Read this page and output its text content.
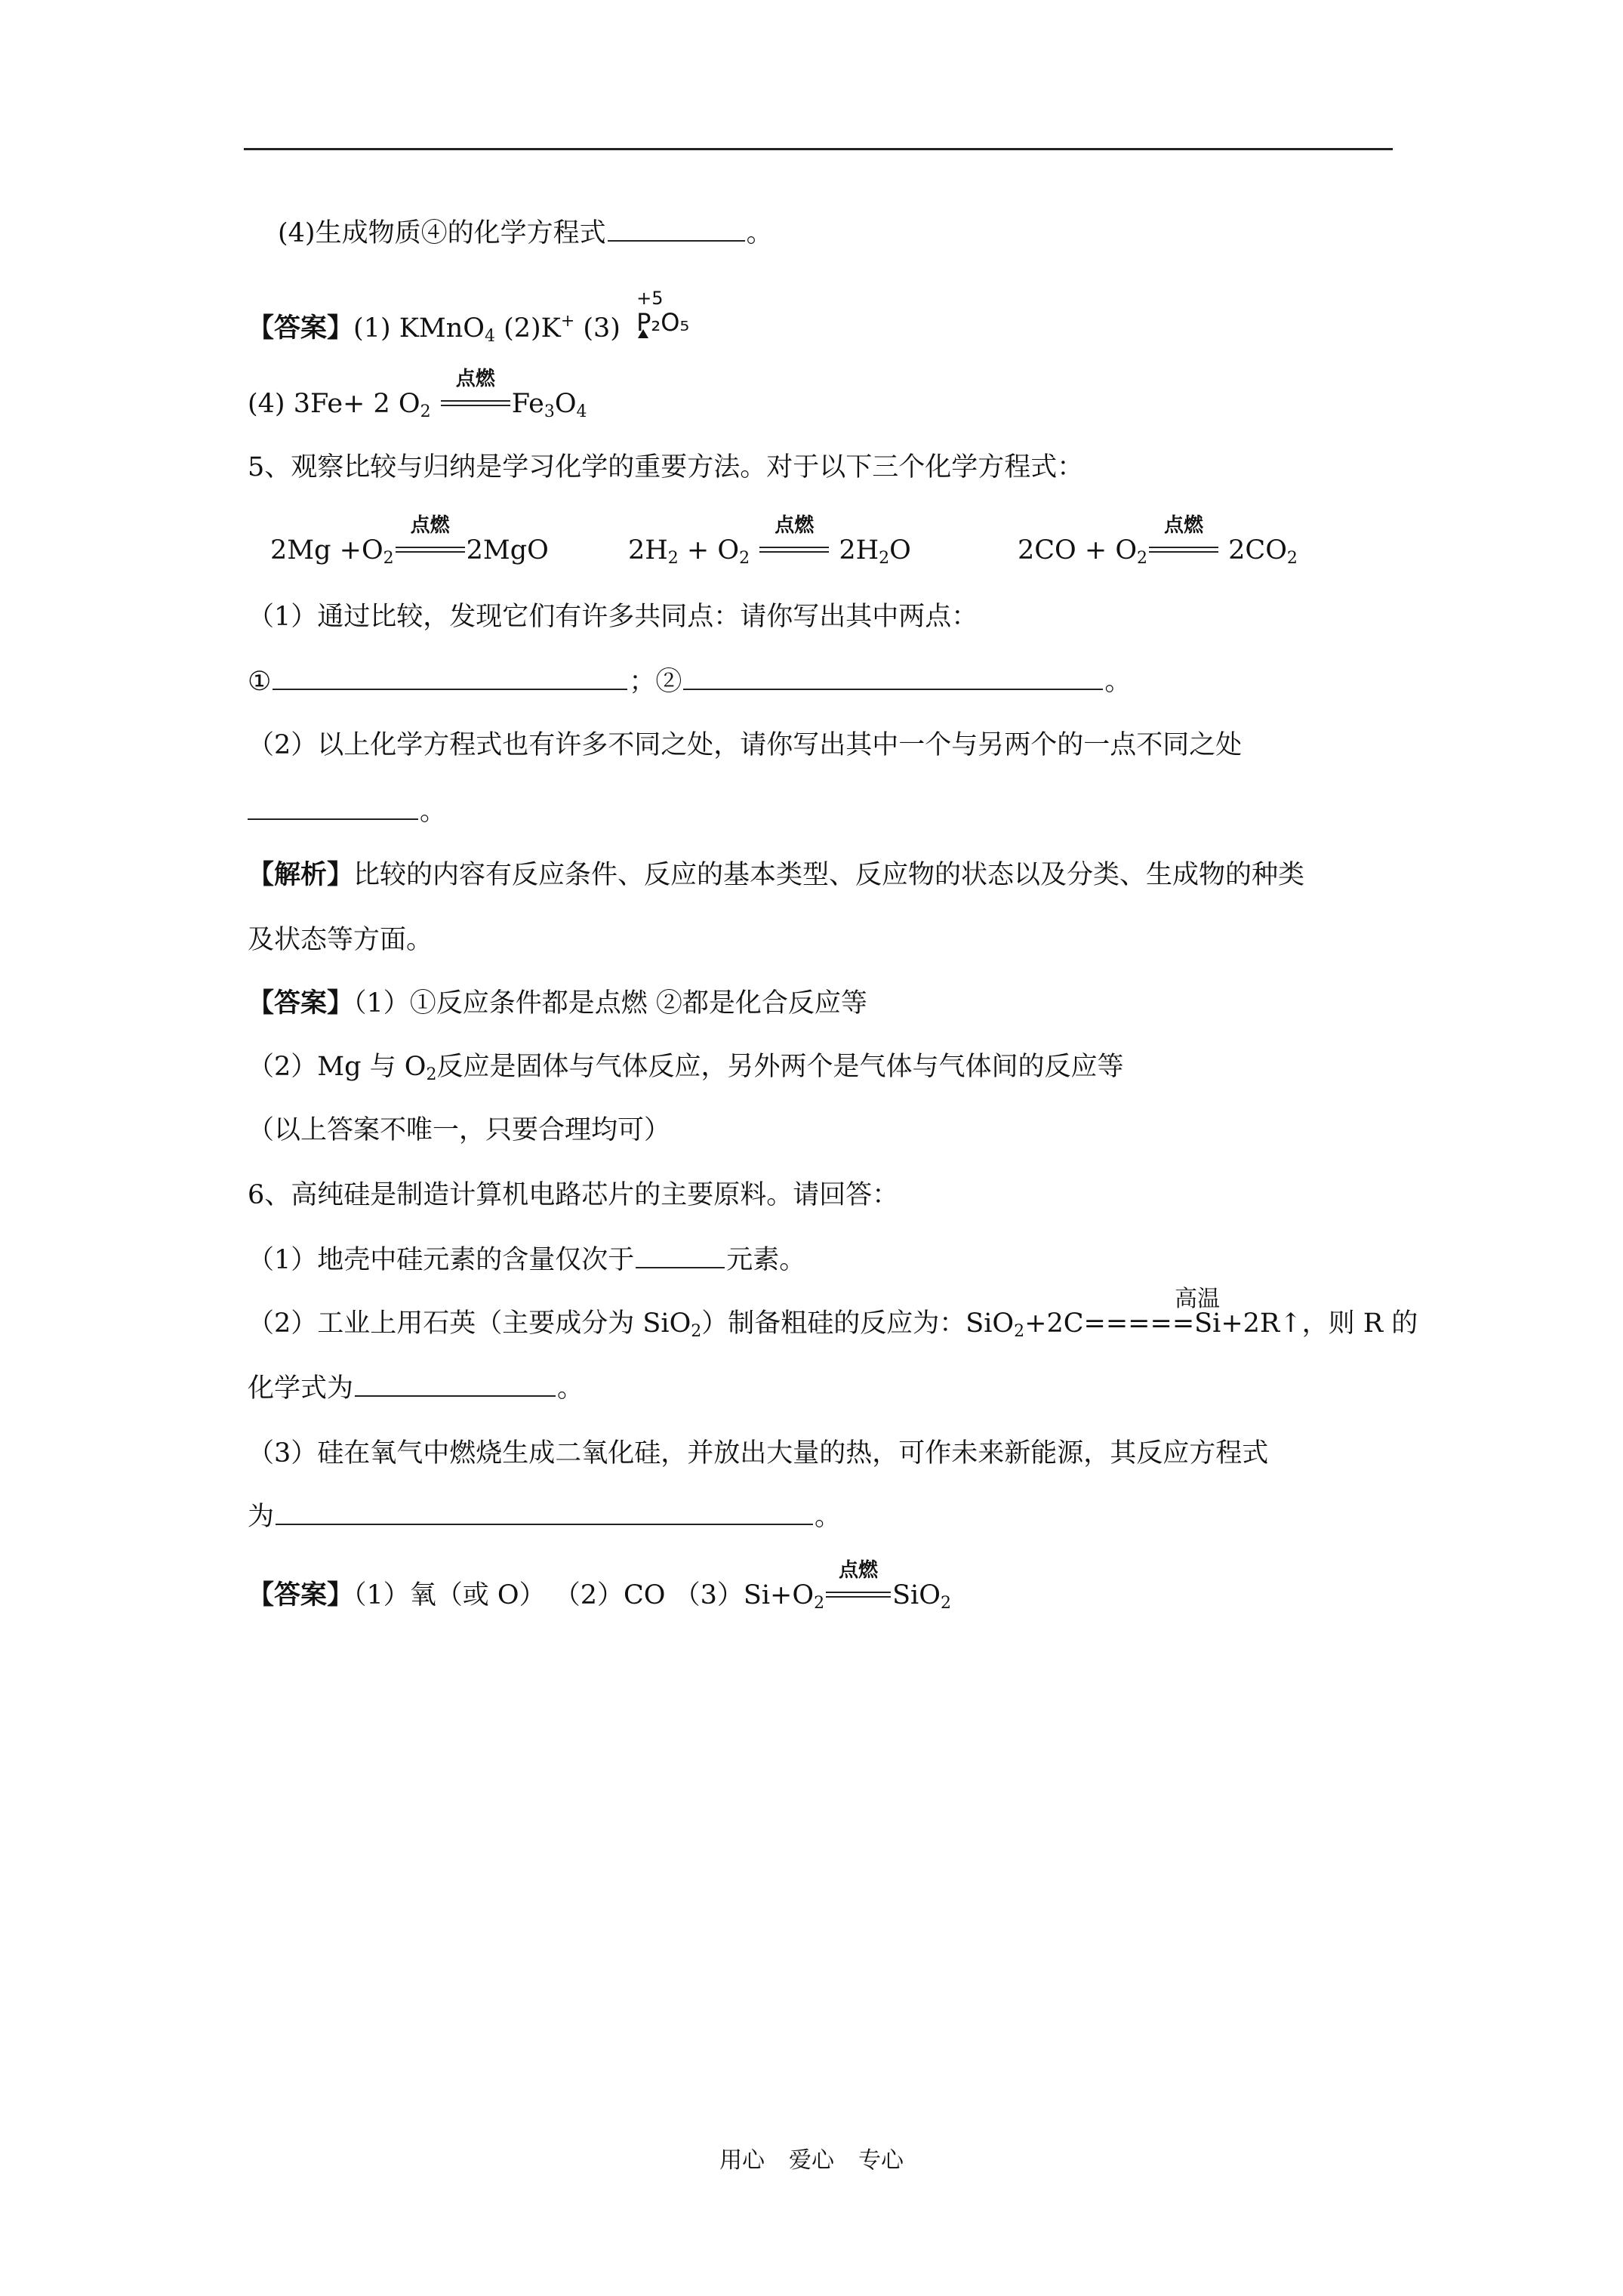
(4)生成物质④的化学方程式	。
【答案】(1) KMnO$_4$ (2)K+ (3)
+5
P₂O₅
(4) 3Fe+ 2 $O_2$
点燃
$Fe_3O_4$
5、观察比较与归纳是学习化学的重要方法。对于以下三个化学方程式：
$2Mg +O_2$
点燃
2MgO	$2H_2 + O_2$
点燃
$2H_2O$	$2CO + O_2$
点燃
$2CO_2$
（1）通过比较，发现它们有许多共同点：请你写出其中两点：
①	；②	。
（2）以上化学方程式也有许多不同之处，请你写出其中一个与另两个的一点不同之处
。
【解析】比较的内容有反应条件、反应的基本类型、反应物的状态以及分类、生成物的种类
及状态等方面。
【答案】（1）①反应条件都是点燃 ②都是化合反应等
（2）Mg 与 $O_2$反应是固体与气体反应，另外两个是气体与气体间的反应等
（以上答案不唯一，只要合理均可）
6、高纯硅是制造计算机电路芯片的主要原料。请回答：
（1）地壳中硅元素的含量仅次于	元素。
（2）工业上用石英（主要成分为 SiO$_2$）制备粗硅的反应为：SiO$_2$+2C=====Si+2R↑，则 R 的
高温
化学式为	。
（3）硅在氧气中燃烧生成二氧化硅，并放出大量的热，可作未来新能源，其反应方程式
为	。
【答案】（1）氧（或 O） （2）CO $(3)Si+O_2$
点燃
SiO$_2$
用心 爱心 专心
